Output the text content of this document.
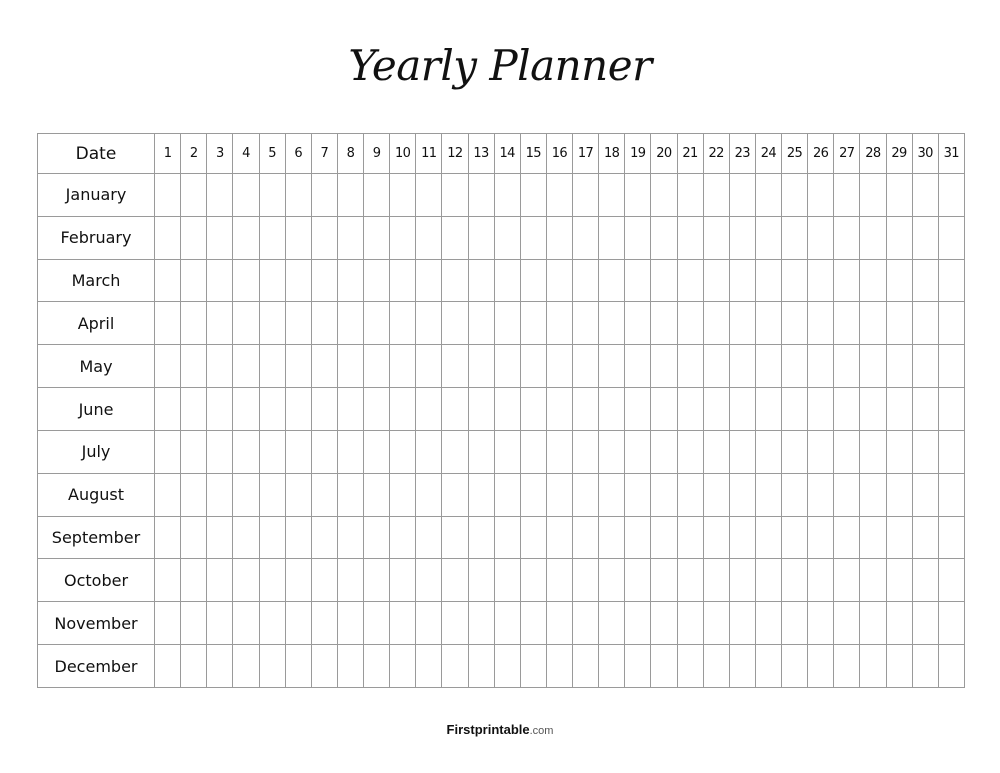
Yearly Planner
Date	1	2	3	4	5	6	7	8	9	10	11	12	13	14	15	16	17	18	19	20	21	22	23	24	25	26	27	28	29	30	31
January																															
February																															
March																															
April																															
May																															
June																															
July																															
August																															
September																															
October																															
November																															
December																															
Firstprintable.com
